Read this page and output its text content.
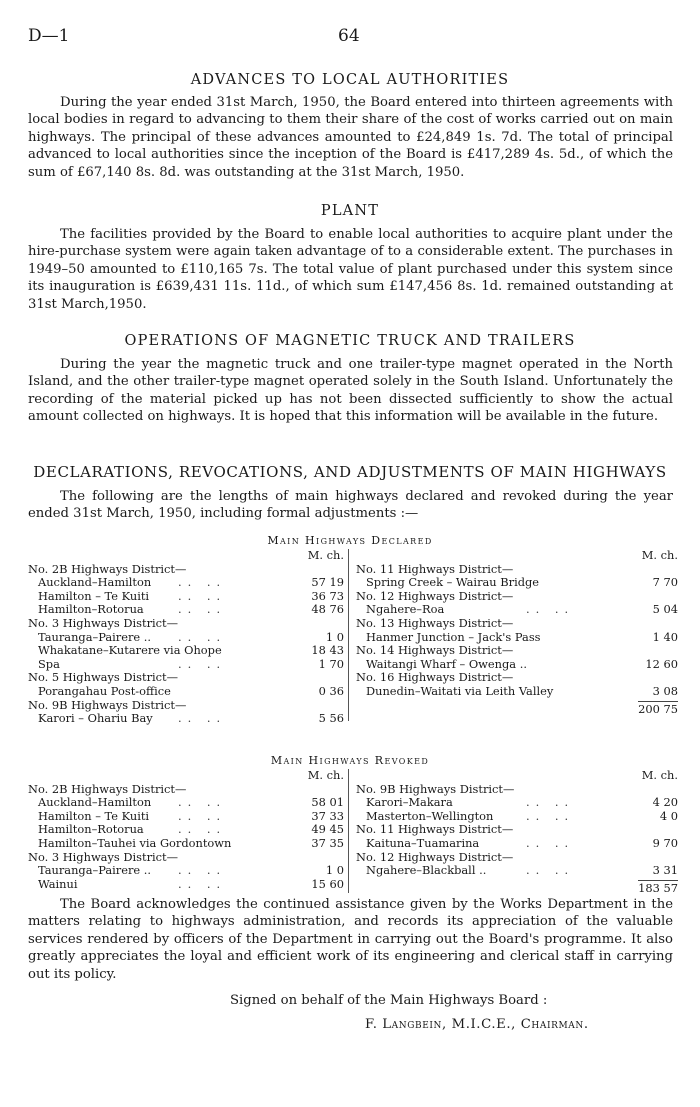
D—1	64
ADVANCES TO LOCAL AUTHORITIES
During the year ended 31st March, 1950, the Board entered into thirteen agreements with local bodies in regard to advancing to them their share of the cost of works carried out on main highways. The principal of these advances amounted to £24,849 1s. 7d. The total of principal advanced to local authorities since the inception of the Board is £417,289 4s. 5d., of which the sum of £67,140 8s. 8d. was outstanding at the 31st March, 1950.
PLANT
The facilities provided by the Board to enable local authorities to acquire plant under the hire-purchase system were again taken advantage of to a considerable extent. The purchases in 1949–50 amounted to £110,165 7s. The total value of plant purchased under this system since its inauguration is £639,431 11s. 11d., of which sum £147,456 8s. 1d. remained outstanding at 31st March,1950.
OPERATIONS OF MAGNETIC TRUCK AND TRAILERS
During the year the magnetic truck and one trailer-type magnet operated in the North Island, and the other trailer-type magnet operated solely in the South Island. Unfortunately the recording of the material picked up has not been dissected sufficiently to show the actual amount collected on highways. It is hoped that this information will be available in the future.
DECLARATIONS, REVOCATIONS, AND ADJUSTMENTS OF MAIN HIGHWAYS
The following are the lengths of main highways declared and revoked during the year ended 31st March, 1950, including formal adjustments :—
Main Highways Declared
M. ch.
No. 2B Highways District—
Auckland–Hamilton .. ..	57 19
Hamilton – Te Kuiti	.. ..	36 73
Hamilton–Rotorua	.. ..	48 76
No. 3 Highways District—
Tauranga–Pairere .. .. ..	1 0
Whakatane–Kutarere via Ohope	18 43
Spa	.. ..	1 70
No. 5 Highways District—
Porangahau Post-office	0 36
No. 9B Highways District—
Karori – Ohariu Bay .. ..	5 56
M. ch.
No. 11 Highways District—
Spring Creek – Wairau Bridge	7 70
No. 12 Highways District—
Ngahere–Roa	.. ..	5 04
No. 13 Highways District—
Hanmer Junction – Jack's Pass	1 40
No. 14 Highways District—
Waitangi Wharf – Owenga ..	12 60
No. 16 Highways District—
Dunedin–Waitati via Leith Valley	3 08
200 75
Main Highways Revoked
M. ch.
No. 2B Highways District—
Auckland–Hamilton .. ..	58 01
Hamilton – Te Kuiti	.. ..	37 33
Hamilton–Rotorua	.. ..	49 45
Hamilton–Tauhei via Gordontown	37 35
No. 3 Highways District—
Tauranga–Pairere .. .. ..	1 0
Wainui	.. ..	15 60
M. ch.
No. 9B Highways District—
Karori–Makara	.. ..	4 20
Masterton–Wellington	.. ..	4 0
No. 11 Highways District—
Kaituna–Tuamarina	.. ..	9 70
No. 12 Highways District—
Ngahere–Blackball ..	.. ..	3 31
183 57
The Board acknowledges the continued assistance given by the Works Department in the matters relating to highways administration, and records its appreciation of the valuable services rendered by officers of the Department in carrying out the Board's programme. It also greatly appreciates the loyal and efficient work of its engineering and clerical staff in carrying out its policy.
Signed on behalf of the Main Highways Board :
F. Langbein, M.I.C.E., Chairman.
